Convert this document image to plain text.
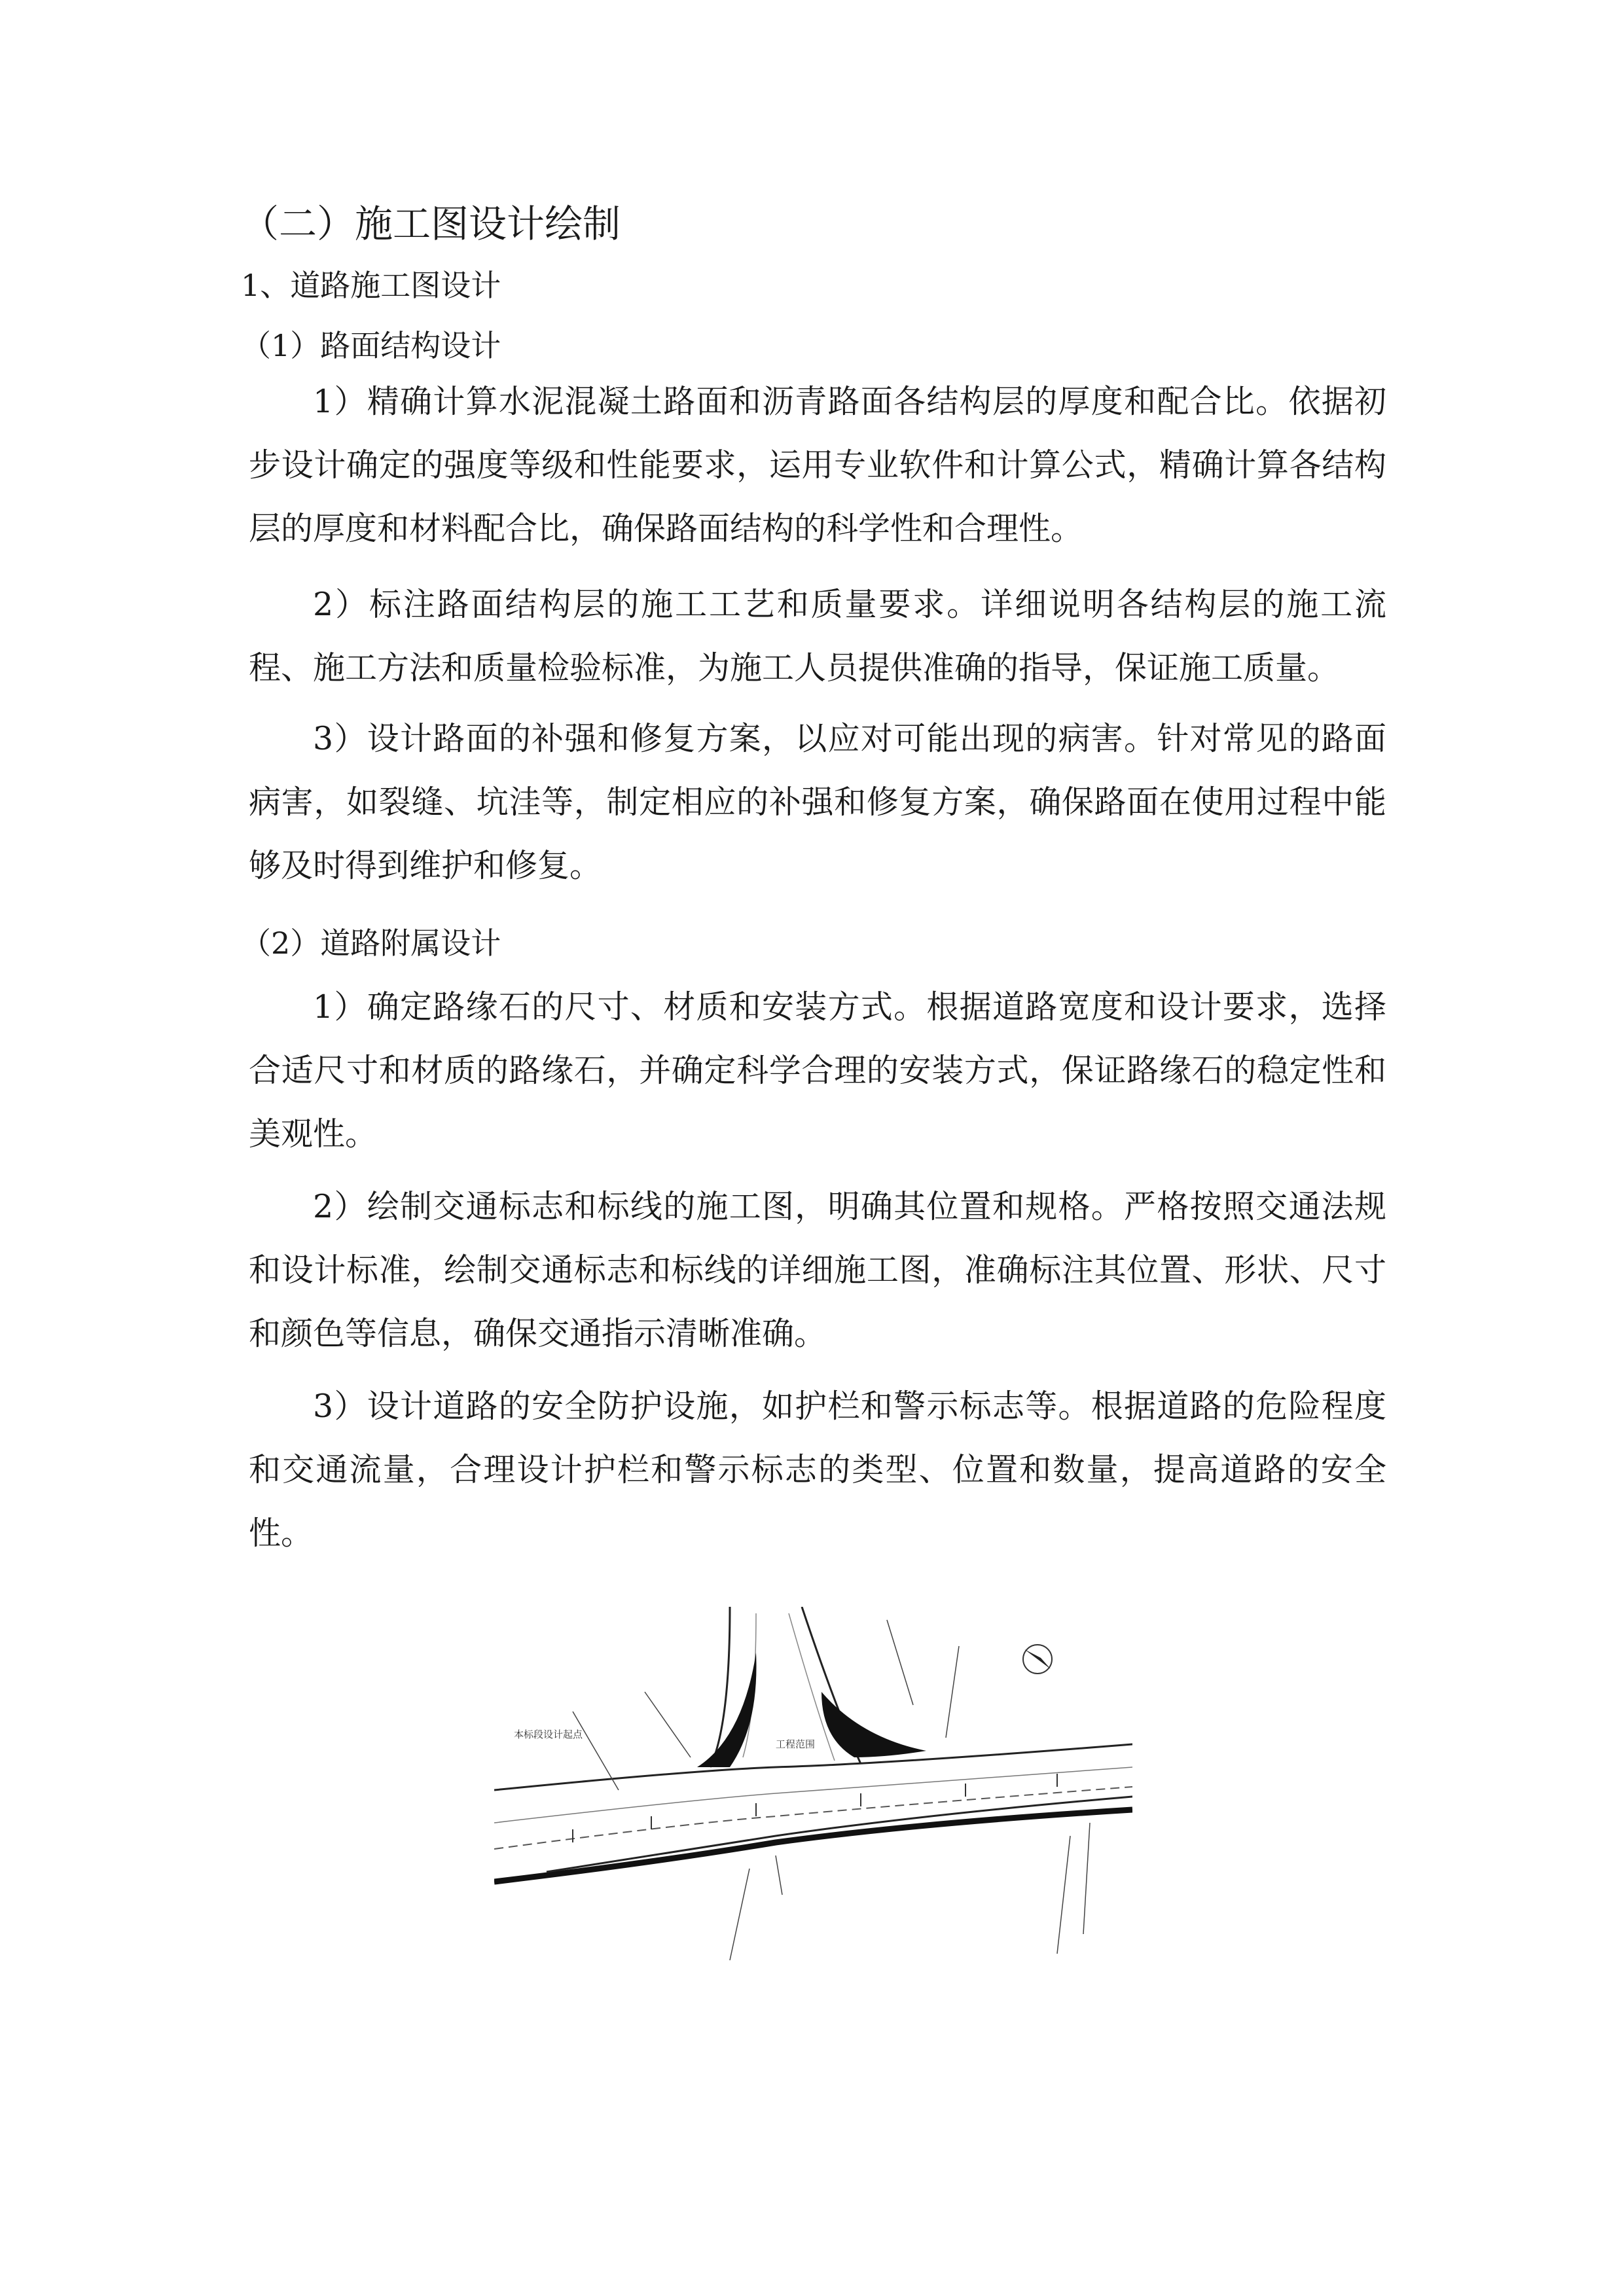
（二）施工图设计绘制
1、道路施工图设计
（1）路面结构设计

1）精确计算水泥混凝土路面和沥青路面各结构层的厚度和配合比。依据初步设计确定的强度等级和性能要求，运用专业软件和计算公式，精确计算各结构层的厚度和材料配合比，确保路面结构的科学性和合理性。

2）标注路面结构层的施工工艺和质量要求。详细说明各结构层的施工流程、施工方法和质量检验标准，为施工人员提供准确的指导，保证施工质量。

3）设计路面的补强和修复方案，以应对可能出现的病害。针对常见的路面病害，如裂缝、坑洼等，制定相应的补强和修复方案，确保路面在使用过程中能够及时得到维护和修复。

（2）道路附属设计

1）确定路缘石的尺寸、材质和安装方式。根据道路宽度和设计要求，选择合适尺寸和材质的路缘石，并确定科学合理的安装方式，保证路缘石的稳定性和美观性。

2）绘制交通标志和标线的施工图，明确其位置和规格。严格按照交通法规和设计标准，绘制交通标志和标线的详细施工图，准确标注其位置、形状、尺寸和颜色等信息，确保交通指示清晰准确。

3）设计道路的安全防护设施，如护栏和警示标志等。根据道路的危险程度和交通流量，合理设计护栏和警示标志的类型、位置和数量，提高道路的安全性。

本标段设计起点
工程范围
